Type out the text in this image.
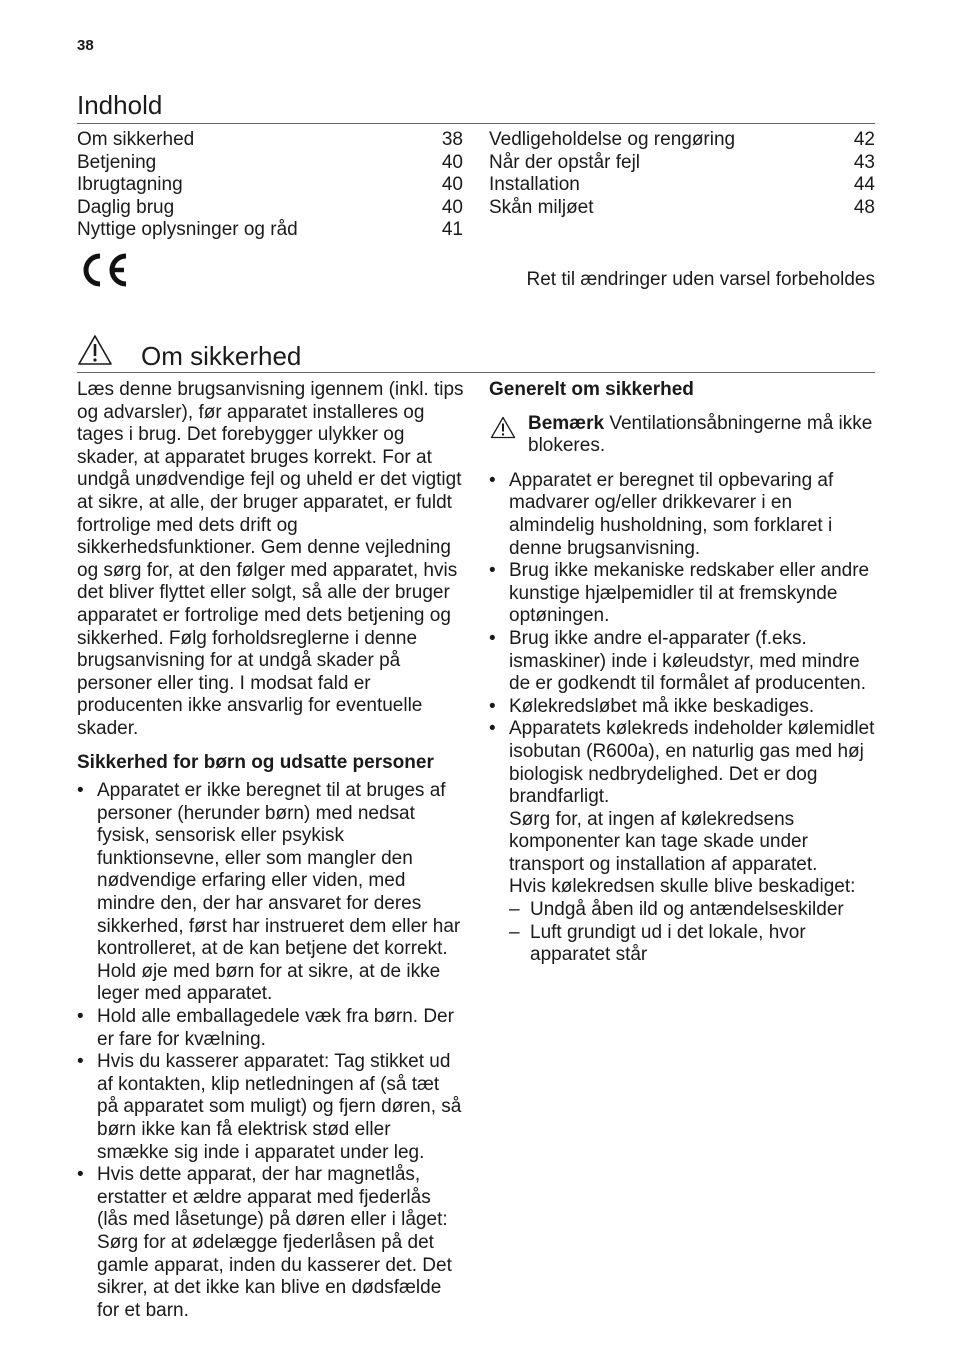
38
Indhold
Om sikkerhed	38
Betjening	40
Ibrugtagning	40
Daglig brug	40
Nyttige oplysninger og råd	41
Vedligeholdelse og rengøring	42
Når der opstår fejl	43
Installation	44
Skån miljøet	48
Ret til ændringer uden varsel forbeholdes
Om sikkerhed

Læs denne brugsanvisning igennem (inkl. tips og advarsler), før apparatet installeres og tages i brug. Det forebygger ulykker og skader, at apparatet bruges korrekt. For at undgå unødvendige fejl og uheld er det vigtigt at sikre, at alle, der bruger apparatet, er fuldt fortrolige med dets drift og sikkerhedsfunktioner. Gem denne vejledning og sørg for, at den følger med apparatet, hvis det bliver flyttet eller solgt, så alle der bruger apparatet er fortrolige med dets betjening og sikkerhed. Følg forholdsreglerne i denne brugsanvisning for at undgå skader på personer eller ting. I modsat fald er producenten ikke ansvarlig for eventuelle skader.

Sikkerhed for børn og udsatte personer

• Apparatet er ikke beregnet til at bruges af personer (herunder børn) med nedsat fysisk, sensorisk eller psykisk funktionsevne, eller som mangler den nødvendige erfaring eller viden, med mindre den, der har ansvaret for deres sikkerhed, først har instrueret dem eller har kontrolleret, at de kan betjene det korrekt.

Hold øje med børn for at sikre, at de ikke leger med apparatet.

• Hold alle emballagedele væk fra børn. Der er fare for kvælning.

• Hvis du kasserer apparatet: Tag stikket ud af kontakten, klip netledningen af (så tæt på apparatet som muligt) og fjern døren, så børn ikke kan få elektrisk stød eller smække sig inde i apparatet under leg.

• Hvis dette apparat, der har magnetlås, erstatter et ældre apparat med fjederlås (lås med låsetunge) på døren eller i låget: Sørg for at ødelægge fjederlåsen på det gamle apparat, inden du kasserer det. Det sikrer, at det ikke kan blive en dødsfælde for et barn.

Generelt om sikkerhed

Bemærk Ventilationsåbningerne må ikke blokeres.

• Apparatet er beregnet til opbevaring af madvarer og/eller drikkevarer i en almindelig husholdning, som forklaret i denne brugsanvisning.

• Brug ikke mekaniske redskaber eller andre kunstige hjælpemidler til at fremskynde optøningen.

• Brug ikke andre el-apparater (f.eks. ismaskiner) inde i køleudstyr, med mindre de er godkendt til formålet af producenten.

• Kølekredsløbet må ikke beskadiges.

• Apparatets kølekreds indeholder kølemidlet isobutan (R600a), en naturlig gas med høj biologisk nedbrydelighed. Det er dog brandfarligt.

Sørg for, at ingen af kølekredsens komponenter kan tage skade under transport og installation af apparatet.

Hvis kølekredsen skulle blive beskadiget:

– Undgå åben ild og antændelseskilder
– Luft grundigt ud i det lokale, hvor apparatet står
